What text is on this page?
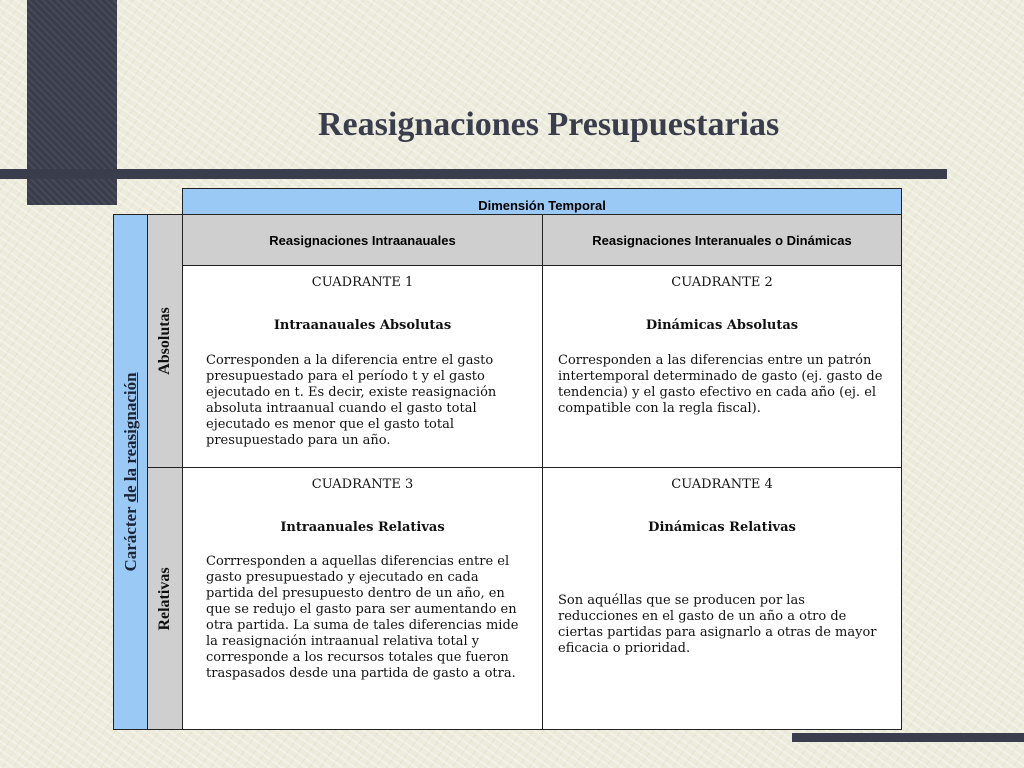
Reasignaciones Presupuestarias
Dimensión Temporal
Reasignaciones Intraanauales	Reasignaciones Interanuales o Dinámicas
Carácter de la reasignación
Absolutas
Relativas
CUADRANTE 1
Intraanauales Absolutas

Corresponden a la diferencia entre el gasto presupuestado para el período t y el gasto ejecutado en t. Es decir, existe reasignación absoluta intraanual cuando el gasto total ejecutado es menor que el gasto total presupuestado para un año.

CUADRANTE 2
Dinámicas Absolutas

Corresponden a las diferencias entre un patrón intertemporal determinado de gasto (ej. gasto de tendencia) y el gasto efectivo en cada año (ej. el compatible con la regla fiscal).

CUADRANTE 3
Intraanuales Relativas

Corrresponden a aquellas diferencias entre el gasto presupuestado y ejecutado en cada partida del presupuesto dentro de un año, en que se redujo el gasto para ser aumentando en otra partida. La suma de tales diferencias mide la reasignación intraanual relativa total y corresponde a los recursos totales que fueron traspasados desde una partida de gasto a otra.

CUADRANTE 4
Dinámicas Relativas

Son aquéllas que se producen por las reducciones en el gasto de un año a otro de ciertas partidas para asignarlo a otras de mayor eficacia o prioridad.
